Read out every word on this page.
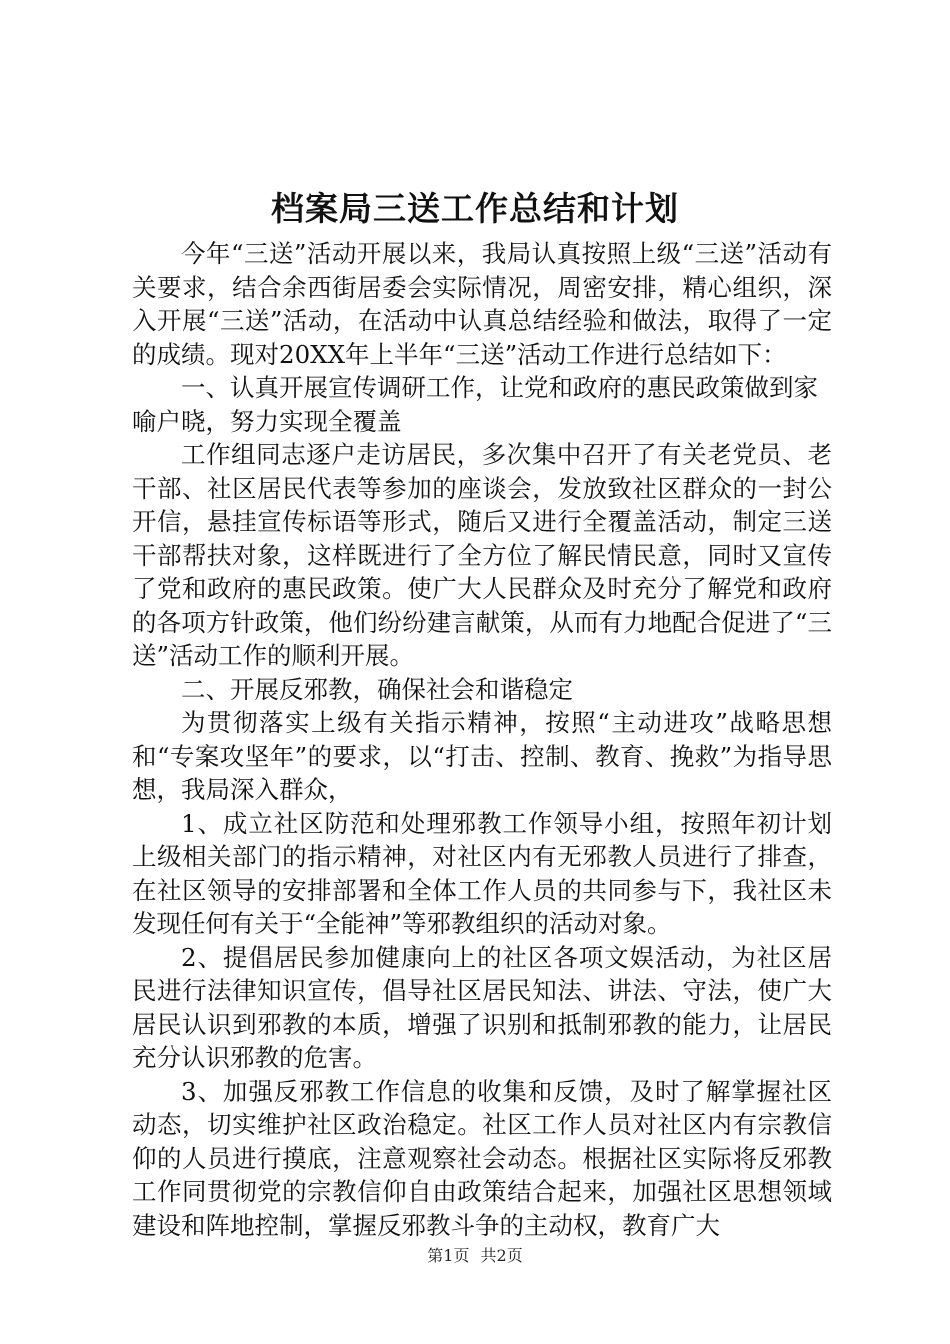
档案局三送工作总结和计划

今年“三送”活动开展以来，我局认真按照上级“三送”活动有关要求，结合余西街居委会实际情况，周密安排，精心组织，深入开展“三送”活动，在活动中认真总结经验和做法，取得了一定的成绩。现对20XX年上半年“三送”活动工作进行总结如下：

一、认真开展宣传调研工作，让党和政府的惠民政策做到家喻户晓，努力实现全覆盖

工作组同志逐户走访居民，多次集中召开了有关老党员、老干部、社区居民代表等参加的座谈会，发放致社区群众的一封公开信，悬挂宣传标语等形式，随后又进行全覆盖活动，制定三送干部帮扶对象，这样既进行了全方位了解民情民意，同时又宣传了党和政府的惠民政策。使广大人民群众及时充分了解党和政府的各项方针政策，他们纷纷建言献策，从而有力地配合促进了“三送”活动工作的顺利开展。

二、开展反邪教，确保社会和谐稳定

为贯彻落实上级有关指示精神，按照“主动进攻”战略思想和“专案攻坚年”的要求，以“打击、控制、教育、挽救”为指导思想，我局深入群众，

1、成立社区防范和处理邪教工作领导小组，按照年初计划上级相关部门的指示精神，对社区内有无邪教人员进行了排查，在社区领导的安排部署和全体工作人员的共同参与下，我社区未发现任何有关于“全能神”等邪教组织的活动对象。

2、提倡居民参加健康向上的社区各项文娱活动，为社区居民进行法律知识宣传，倡导社区居民知法、讲法、守法，使广大居民认识到邪教的本质，增强了识别和抵制邪教的能力，让居民充分认识邪教的危害。

3、加强反邪教工作信息的收集和反馈，及时了解掌握社区动态，切实维护社区政治稳定。社区工作人员对社区内有宗教信仰的人员进行摸底，注意观察社会动态。根据社区实际将反邪教工作同贯彻党的宗教信仰自由政策结合起来，加强社区思想领域建设和阵地控制，掌握反邪教斗争的主动权，教育广大

第1页 共2页
